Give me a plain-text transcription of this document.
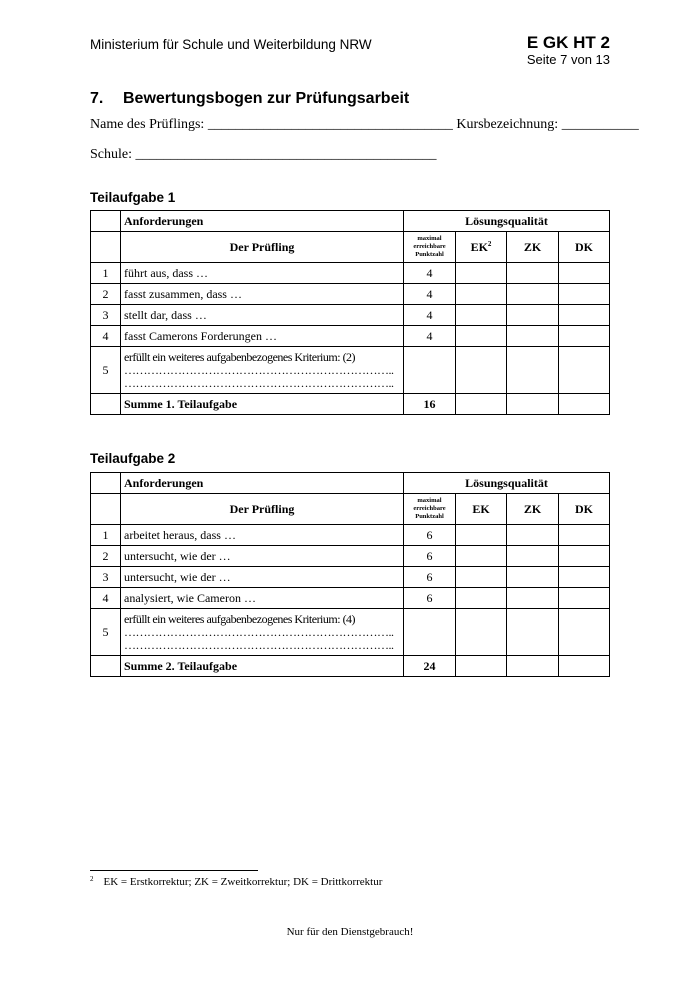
Ministerium für Schule und Weiterbildung NRW	E GK HT 2
Seite 7 von 13
7. Bewertungsbogen zur Prüfungsarbeit
Name des Prüflings: ___________________________________ Kursbezeichnung: ___________
Schule: ___________________________________________
Teilaufgabe 1
	Anforderungen	Lösungsqualität			
	Der Prüfling	maximal erreichbare Punktzahl	$EK^2$	ZK	DK
1	führt aus, dass …	4			
2	fasst zusammen, dass …	4			
3	stellt dar, dass …	4			
4	fasst Camerons Forderungen …	4			
5	erfüllt ein weiteres aufgabenbezogenes Kriterium: (2)
……………………………………………………………..
……………………………………………………………..				

	Summe 1. Teilaufgabe	16			
Teilaufgabe 2
	Anforderungen	Lösungsqualität			
	Der Prüfling	maximal erreichbare Punktzahl	EK	ZK	DK
1	arbeitet heraus, dass …	6			
2	untersucht, wie der …	6			
3	untersucht, wie der …	6			
4	analysiert, wie Cameron …	6			
5	erfüllt ein weiteres aufgabenbezogenes Kriterium: (4)
……………………………………………………………..
……………………………………………………………..				

	Summe 2. Teilaufgabe	24			
$^2$ EK = Erstkorrektur; ZK = Zweitkorrektur; DK = Drittkorrektur
Nur für den Dienstgebrauch!
